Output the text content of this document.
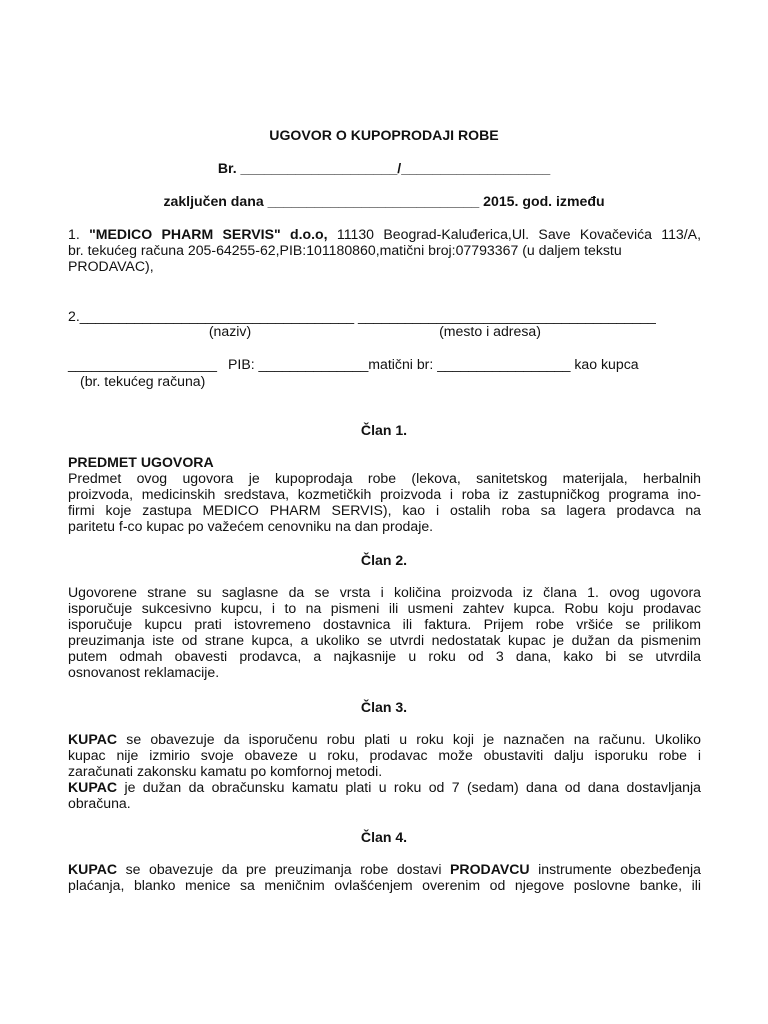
UGOVOR O KUPOPRODAJI ROBE
Br. ____________________/___________________
zaključen dana ___________________________ 2015. god. između
1. "MEDICO PHARM SERVIS" d.o.o, 11130 Beograd-Kaluđerica,Ul. Save Kovačevića 113/A,
br. tekućeg računa 205-64255-62,PIB:101180860,matični broj:07793367 (u daljem tekstu
PRODAVAC),
2.___________________________________ ______________________________________
(naziv)	(mesto i adresa)
___________________ PIB: ______________matični br: _________________ kao kupca
(br. tekućeg računa)
Član 1.
PREDMET UGOVORA
Predmet ovog ugovora je kupoprodaja robe (lekova, sanitetskog materijala, herbalnih
proizvoda, medicinskih sredstava, kozmetičkih proizvoda i roba iz zastupničkog programa ino-
firmi koje zastupa MEDICO PHARM SERVIS), kao i ostalih roba sa lagera prodavca na
paritetu f-co kupac po važećem cenovniku na dan prodaje.
Član 2.
Ugovorene strane su saglasne da se vrsta i količina proizvoda iz člana 1. ovog ugovora
isporučuje sukcesivno kupcu, i to na pismeni ili usmeni zahtev kupca. Robu koju prodavac
isporučuje kupcu prati istovremeno dostavnica ili faktura. Prijem robe vršiće se prilikom
preuzimanja iste od strane kupca, a ukoliko se utvrdi nedostatak kupac je dužan da pismenim
putem odmah obavesti prodavca, a najkasnije u roku od 3 dana, kako bi se utvrdila
osnovanost reklamacije.
Član 3.
KUPAC se obavezuje da isporučenu robu plati u roku koji je naznačen na računu. Ukoliko
kupac nije izmirio svoje obaveze u roku, prodavac može obustaviti dalju isporuku robe i
zaračunati zakonsku kamatu po komfornoj metodi.
KUPAC je dužan da obračunsku kamatu plati u roku od 7 (sedam) dana od dana dostavljanja
obračuna.
Član 4.
KUPAC se obavezuje da pre preuzimanja robe dostavi PRODAVCU instrumente obezbeđenja
plaćanja, blanko menice sa meničnim ovlašćenjem overenim od njegove poslovne banke, ili
